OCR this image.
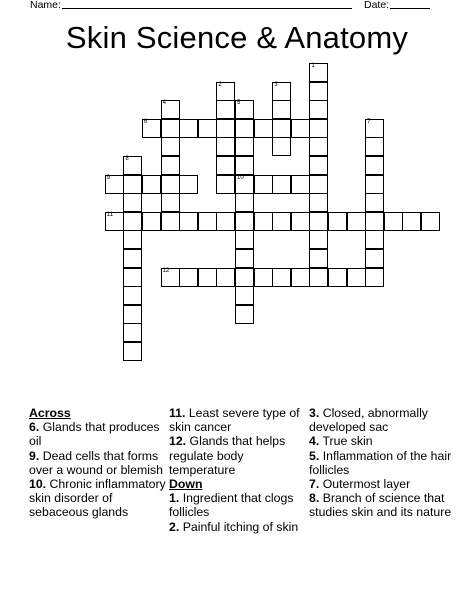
Name:	Date:
Skin Science & Anatomy
1
2	3
4	5
10
6	7
8
9
11
12
Across
6. Glands that produces oil
9. Dead cells that forms over a wound or blemish
10. Chronic inflammatory skin disorder of sebaceous glands
11. Least severe type of skin cancer
12. Glands that helps regulate body temperature
Down
1. Ingredient that clogs follicles
2. Painful itching of skin
3. Closed, abnormally developed sac
4. True skin
5. Inflammation of the hair follicles
7. Outermost layer
8. Branch of science that studies skin and its nature
